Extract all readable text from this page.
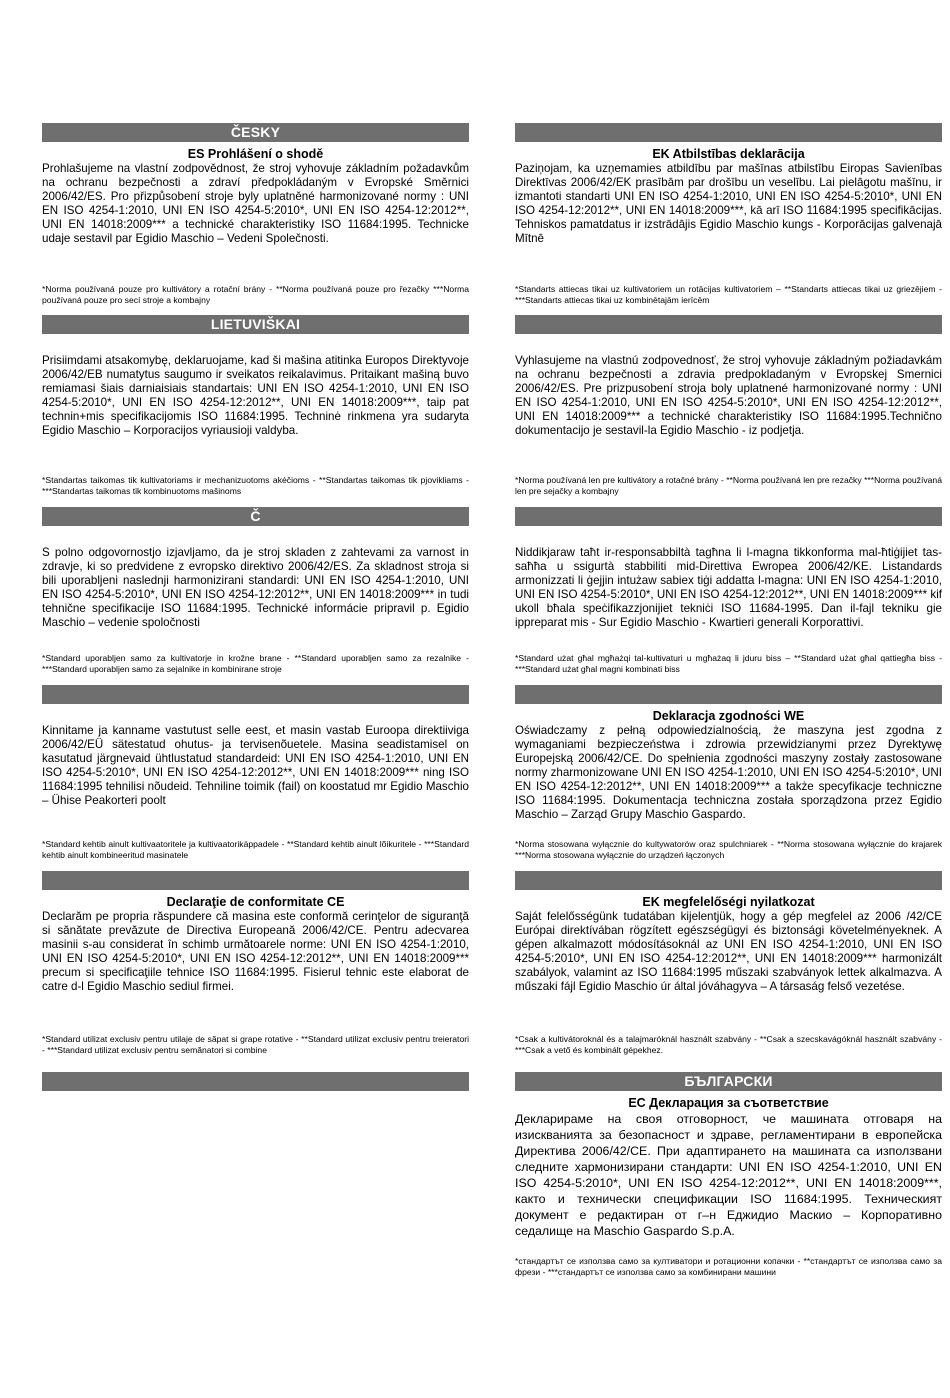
ČESKY
ES Prohlášení o shodě
Prohlašujeme na vlastní zodpovědnost, že stroj vyhovuje základním požadavkům na ochranu bezpečnosti a zdraví předpokládaným v Evropské Směrnici 2006/42/ES. Pro přizpůsobení stroje byly uplatněné harmonizované normy : UNI EN ISO 4254-1:2010, UNI EN ISO 4254-5:2010*, UNI EN ISO 4254-12:2012**, UNI EN 14018:2009*** a technické charakteristiky ISO 11684:1995. Technicke udaje sestavil par Egidio Maschio – Vedeni Společnosti.
*Norma používaná pouze pro kultivátory a rotační brány - **Norma používaná pouze pro řezačky ***Norma používaná pouze pro secí stroje a kombajny
LIETUVIŠKAI
Prisiimdami atsakomybę, deklaruojame, kad ši mašina atitinka Europos Direktyvoje 2006/42/EB numatytus saugumo ir sveikatos reikalavimus. Pritaikant mašiną buvo remiamasi šiais darniaisiais standartais: UNI EN ISO 4254-1:2010, UNI EN ISO 4254-5:2010*, UNI EN ISO 4254-12:2012**, UNI EN 14018:2009***, taip pat technin+mis specifikacijomis ISO 11684:1995. Techninė rinkmena yra sudaryta Egidio Maschio – Korporacijos vyriausioji valdyba.
*Standartas taikomas tik kultivatoriams ir mechanizuotoms akėčioms - **Standartas taikomas tik pjovikliams - ***Standartas taikomas tik kombinuotoms mašinoms
Č
S polno odgovornostjo izjavljamo, da je stroj skladen z zahtevami za varnost in zdravje, ki so predvidene z evropsko direktivo 2006/42/ES. Za skladnost stroja si bili uporabljeni naslednji harmonizirani standardi: UNI EN ISO 4254-1:2010, UNI EN ISO 4254-5:2010*, UNI EN ISO 4254-12:2012**, UNI EN 14018:2009*** in tudi tehnične specifikacije ISO 11684:1995. Technické informácie pripravil p. Egidio Maschio – vedenie spoločnosti
*Standard uporabljen samo za kultivatorje in krožne brane - **Standard uporabljen samo za rezalnike - ***Standard uporabljen samo za sejalnike in kombinirane stroje
Kinnitame ja kanname vastutust selle eest, et masin vastab Euroopa direktiiviga 2006/42/EÜ sätestatud ohutus- ja tervisenõuetele. Masina seadistamisel on kasutatud järgnevaid ühtlustatud standardeid: UNI EN ISO 4254-1:2010, UNI EN ISO 4254-5:2010*, UNI EN ISO 4254-12:2012**, UNI EN 14018:2009*** ning ISO 11684:1995 tehnilisi nõudeid. Tehniline toimik (fail) on koostatud mr Egidio Maschio – Ühise Peakorteri poolt
*Standard kehtib ainult kultivaatoritele ja kultivaatorikäppadele - **Standard kehtib ainult lõikuritele - ***Standard kehtib ainult kombineeritud masinatele
Declaraţie de conformitate CE
Declarăm pe propria răspundere că masina este conformă cerinţelor de siguranţă si sănătate prevăzute de Directiva Europeană 2006/42/CE. Pentru adecvarea masinii s-au considerat în schimb următoarele norme: UNI EN ISO 4254-1:2010, UNI EN ISO 4254-5:2010*, UNI EN ISO 4254-12:2012**, UNI EN 14018:2009*** precum si specificaţiile tehnice ISO 11684:1995. Fisierul tehnic este elaborat de catre d-l Egidio Maschio sediul firmei.
*Standard utilizat exclusiv pentru utilaje de săpat si grape rotative - **Standard utilizat exclusiv pentru treieratori - ***Standard utilizat exclusiv pentru semănatori si combine
EK Atbilstības deklarācija
Paziņojam, ka uzņemamies atbildību par mašīnas atbilstību Eiropas Savienības Direktīvas 2006/42/EK prasībām par drošību un veselību. Lai pielāgotu mašīnu, ir izmantoti standarti UNI EN ISO 4254-1:2010, UNI EN ISO 4254-5:2010*, UNI EN ISO 4254-12:2012**, UNI EN 14018:2009***, kā arī ISO 11684:1995 specifikācijas. Tehniskos pamatdatus ir izstrādājis Egidio Maschio kungs - Korporācijas galvenajā Mītnē
*Standarts attiecas tikai uz kultivatoriem un rotācijas kultivatoriem – **Standarts attiecas tikai uz griezējiem - ***Standarts attiecas tikai uz kombinētajām ierīcēm
Vyhlasujeme na vlastnú zodpovednosť, že stroj vyhovuje základným požiadavkám na ochranu bezpečnosti a zdravia predpokladaným v Evropskej Smernici 2006/42/ES. Pre prizpusobení stroja boly uplatnené harmonizované normy : UNI EN ISO 4254-1:2010, UNI EN ISO 4254-5:2010*, UNI EN ISO 4254-12:2012**, UNI EN 14018:2009*** a technické charakteristiky ISO 11684:1995.Technično dokumentacijo je sestavil-la Egidio Maschio - iz podjetja.
*Norma používaná len pre kultivátory a rotačné brány - **Norma používaná len pre rezačky ***Norma používaná len pre sejačky a kombajny
Niddikjaraw taħt ir-responsabbiltà tagħna li l-magna tikkonforma mal-ħtiġijiet tas-saħħa u ssigurtà stabbiliti mid-Direttiva Ewropea 2006/42/KE. Listandards armonizzati li ġejjin intużaw sabiex tiġi addatta l-magna: UNI EN ISO 4254-1:2010, UNI EN ISO 4254-5:2010*, UNI EN ISO 4254-12:2012**, UNI EN 14018:2009*** kif ukoll bħala speċifikazzjonijiet tekniċi ISO 11684-1995. Dan il-fajl tekniku gie ippreparat mis - Sur Egidio Maschio - Kwartieri generali Korporattivi.
*Standard użat għal mgħażqi tal-kultivaturi u mgħażaq li jduru biss – **Standard użat għal qattiegħa biss - ***Standard użat għal magni kombinati biss
Deklaracja zgodności WE
Oświadczamy z pełną odpowiedzialnością, że maszyna jest zgodna z wymaganiami bezpieczeństwa i zdrowia przewidzianymi przez Dyrektywę Europejską 2006/42/CE. Do spełnienia zgodności maszyny zostały zastosowane normy zharmonizowane UNI EN ISO 4254-1:2010, UNI EN ISO 4254-5:2010*, UNI EN ISO 4254-12:2012**, UNI EN 14018:2009*** a także specyfikacje techniczne ISO 11684:1995. Dokumentacja techniczna została sporządzona przez Egidio Maschio – Zarząd Grupy Maschio Gaspardo.
*Norma stosowana wyłącznie do kultywatorów oraz spulchniarek - **Norma stosowana wyłącznie do krajarek ***Norma stosowana wyłącznie do urządzeń łączonych
EK megfelelőségi nyilatkozat
Saját felelősségünk tudatában kijelentjük, hogy a gép megfelel az 2006 /42/CE Európai direktívában rögzített egészségügyi és biztonsági követelményeknek. A gépen alkalmazott módosításoknál az UNI EN ISO 4254-1:2010, UNI EN ISO 4254-5:2010*, UNI EN ISO 4254-12:2012**, UNI EN 14018:2009*** harmonizált szabályok, valamint az ISO 11684:1995 műszaki szabványok lettek alkalmazva. A műszaki fájl Egidio Maschio úr által jóváhagyva – A társaság felső vezetése.
*Csak a kultivátoroknál és a talajmaróknál használt szabvány - **Csak a szecskavágóknál használt szabvány - ***Csak a vető és kombinált gépekhez.
БЪЛГАРСКИ
ЕС Декларация за съответствие
Декларираме на своя отговорност, че машината отговаря на изискванията за безопасност и здраве, регламентирани в европейска Директива 2006/42/CE. При адаптирането на машината са използвани следните хармонизирани стандарти: UNI EN ISO 4254-1:2010, UNI EN ISO 4254-5:2010*, UNI EN ISO 4254-12:2012**, UNI EN 14018:2009***, както и технически спецификации ISO 11684:1995. Техническият документ е редактиран от г–н Еджидио Маскио – Корпоративно седалище на Maschio Gaspardo S.p.A.
*стандартът се използва само за култиватори и ротационни копачки - **стандартът се използва само за фрези - ***стандартът се използва само за комбинирани машини
